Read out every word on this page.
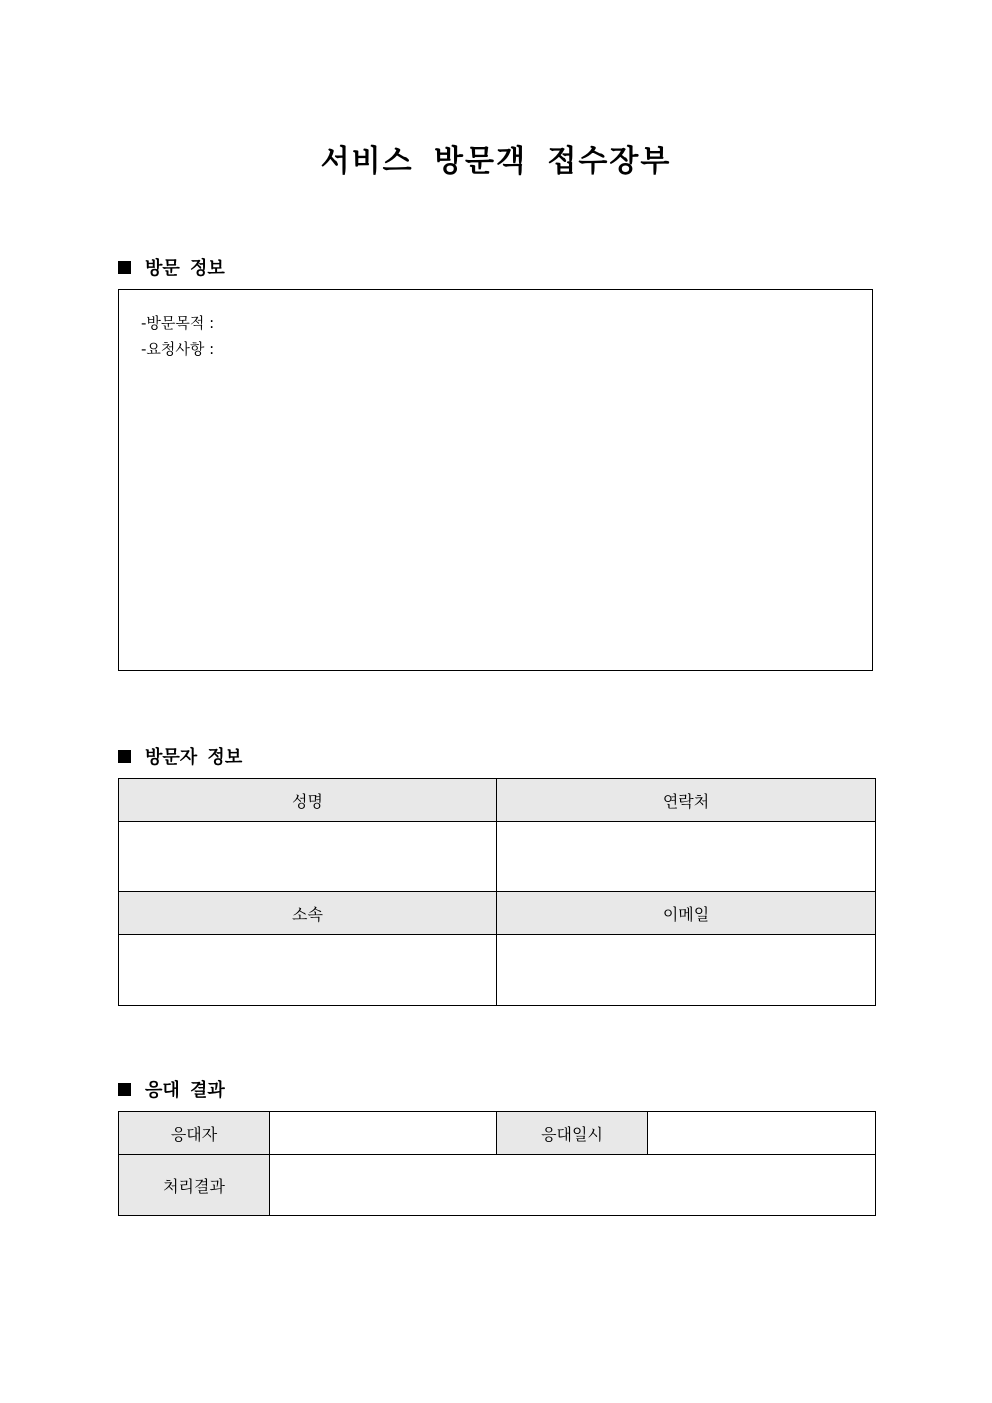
서비스 방문객 접수장부
방문 정보
-방문목적 :
-요청사항 :
방문자 정보
성명	연락처

소속	이메일

응대 결과
응대자		응대일시	
처리결과			
